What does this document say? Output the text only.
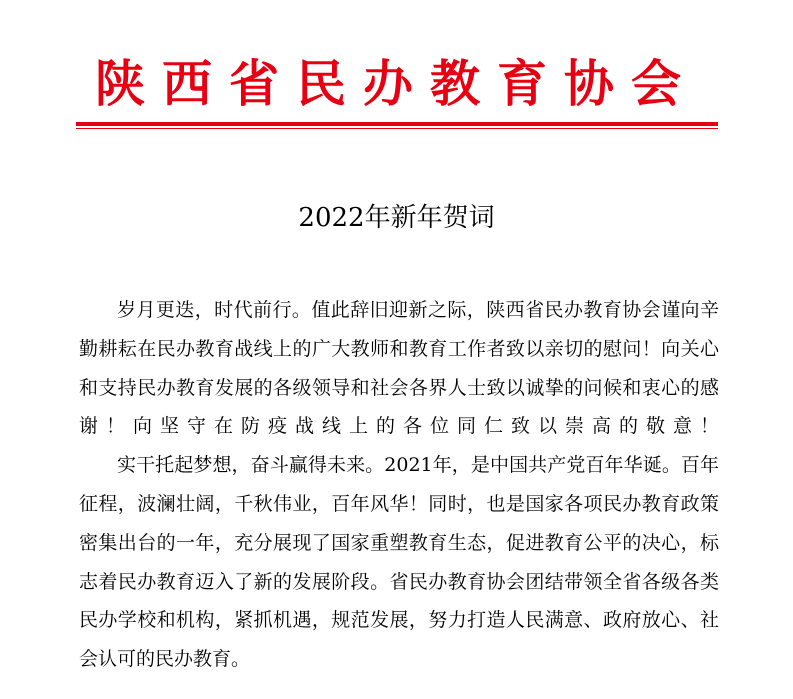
陕西省民办教育协会
2022年新年贺词

岁月更迭，时代前行。值此辞旧迎新之际，陕西省民办教育协会谨向辛勤耕耘在民办教育战线上的广大教师和教育工作者致以亲切的慰问！向关心和支持民办教育发展的各级领导和社会各界人士致以诚挚的问候和衷心的感谢！向坚守在防疫战线上的各位同仁致以崇高的敬意！

实干托起梦想，奋斗赢得未来。2021年，是中国共产党百年华诞。百年征程，波澜壮阔，千秋伟业，百年风华！同时，也是国家各项民办教育政策密集出台的一年，充分展现了国家重塑教育生态，促进教育公平的决心，标志着民办教育迈入了新的发展阶段。省民办教育协会团结带领全省各级各类民办学校和机构，紧抓机遇，规范发展，努力打造人民满意、政府放心、社会认可的民办教育。
